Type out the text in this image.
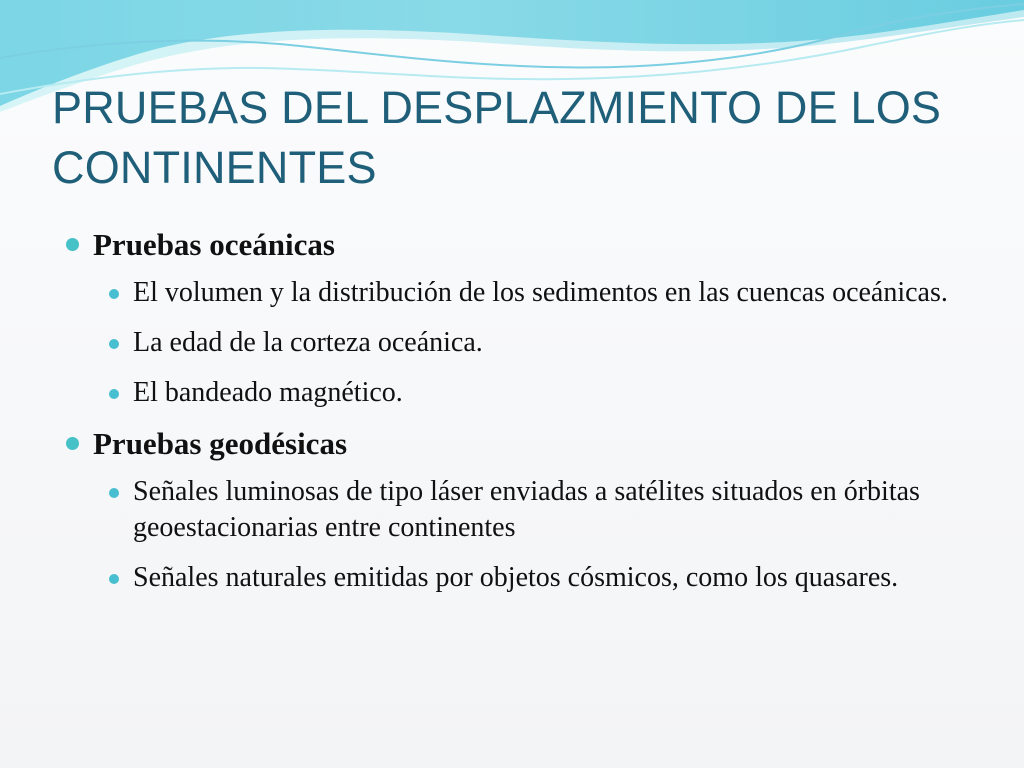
PRUEBAS DEL DESPLAZMIENTO DE LOS CONTINENTES
Pruebas oceánicas
El volumen y la distribución de los sedimentos en las cuencas oceánicas.
La edad de la corteza oceánica.
El bandeado magnético.
Pruebas geodésicas
Señales luminosas de tipo láser enviadas a satélites situados en órbitas geoestacionarias entre continentes
Señales naturales emitidas por objetos cósmicos, como los quasares.
